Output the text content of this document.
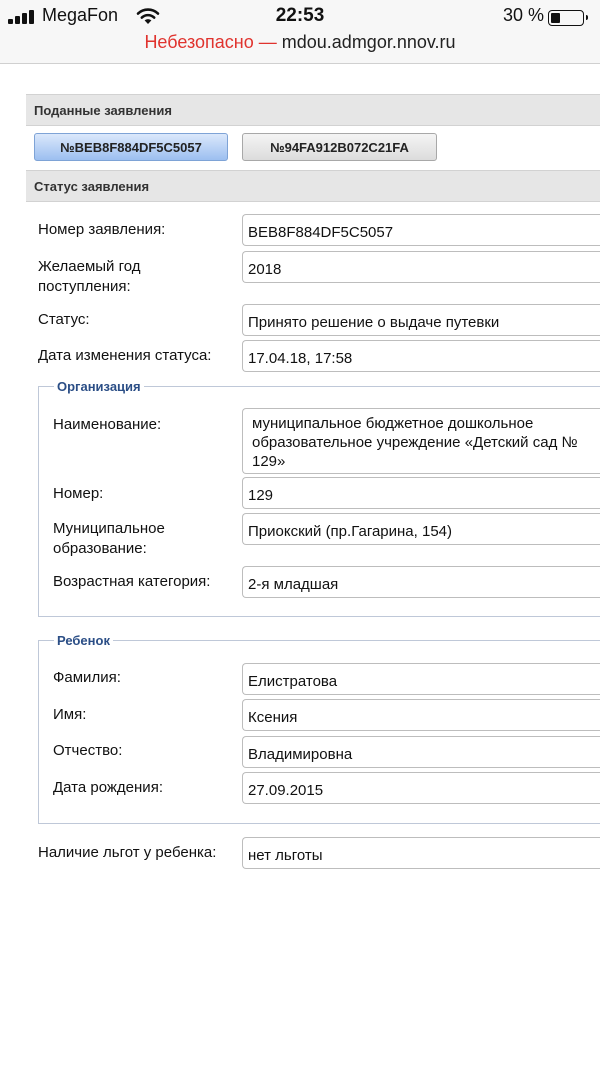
MegaFon	22:53	30 %
Небезопасно — mdou.admgor.nnov.ru
Поданные заявления
№BEB8F884DF5C5057	№94FA912B072C21FA
Статус заявления
Номер заявления:	BEB8F884DF5C5057
Желаемый год поступления:
2018
Статус:	Принято решение о выдаче путевки
Дата изменения статуса:	17.04.18, 17:58
Организация
Наименование:	муниципальное бюджетное дошкольное образовательное учреждение «Детский сад № 129»
Номер:	129
Муниципальное образование:
Приокский (пр.Гагарина, 154)
Возрастная категория:	2-я младшая
Ребенок
Фамилия:	Елистратова
Имя:	Ксения
Отчество:	Владимировна
Дата рождения:	27.09.2015
Наличие льгот у ребенка:	нет льготы
